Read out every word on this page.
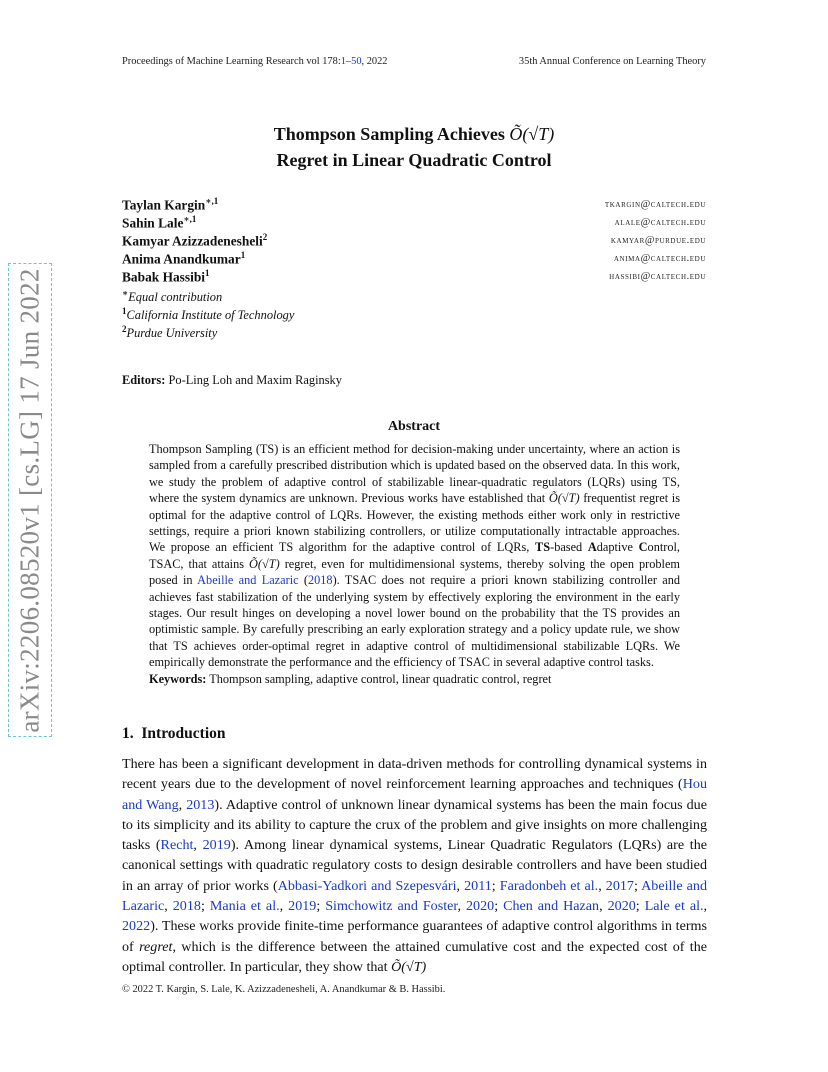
Proceedings of Machine Learning Research vol 178:1–50, 2022	35th Annual Conference on Learning Theory
arXiv:2206.08520v1 [cs.LG] 17 Jun 2022
Thompson Sampling Achieves Õ(√T)
Regret in Linear Quadratic Control
Taylan Kargin$^{∗,1}$	tkargin@caltech.edu
Sahin Lale$^{∗,1}$	alale@caltech.edu
Kamyar Azizzadenesheli$^2$	kamyar@purdue.edu
Anima Anandkumar$^1$	anima@caltech.edu
Babak Hassibi$^1$	hassibi@caltech.edu
∗Equal contribution
$^1$California Institute of Technology
$^2$Purdue University
Editors: Po-Ling Loh and Maxim Raginsky
Abstract

Thompson Sampling (TS) is an efficient method for decision-making under uncertainty, where an action is sampled from a carefully prescribed distribution which is updated based on the observed data. In this work, we study the problem of adaptive control of stabilizable linear-quadratic regulators (LQRs) using TS, where the system dynamics are unknown. Previous works have established that Õ(√T) frequentist regret is optimal for the adaptive control of LQRs. However, the existing methods either work only in restrictive settings, require a priori known stabilizing controllers, or utilize computationally intractable approaches. We propose an efficient TS algorithm for the adaptive control of LQRs, TS-based Adaptive Control, TSAC, that attains Õ(√T) regret, even for multidimensional systems, thereby solving the open problem posed in Abeille and Lazaric (2018). TSAC does not require a priori known stabilizing controller and achieves fast stabilization of the underlying system by effectively exploring the environment in the early stages. Our result hinges on developing a novel lower bound on the probability that the TS provides an optimistic sample. By carefully prescribing an early exploration strategy and a policy update rule, we show that TS achieves order-optimal regret in adaptive control of multidimensional stabilizable LQRs. We empirically demonstrate the performance and the efficiency of TSAC in several adaptive control tasks.

Keywords: Thompson sampling, adaptive control, linear quadratic control, regret

1. Introduction

There has been a significant development in data-driven methods for controlling dynamical systems in recent years due to the development of novel reinforcement learning approaches and techniques (Hou and Wang, 2013). Adaptive control of unknown linear dynamical systems has been the main focus due to its simplicity and its ability to capture the crux of the problem and give insights on more challenging tasks (Recht, 2019). Among linear dynamical systems, Linear Quadratic Regulators (LQRs) are the canonical settings with quadratic regulatory costs to design desirable controllers and have been studied in an array of prior works (Abbasi-Yadkori and Szepesvári, 2011; Faradonbeh et al., 2017; Abeille and Lazaric, 2018; Mania et al., 2019; Simchowitz and Foster, 2020; Chen and Hazan, 2020; Lale et al., 2022). These works provide finite-time performance guarantees of adaptive control algorithms in terms of regret, which is the difference between the attained cumulative cost and the expected cost of the optimal controller. In particular, they show that Õ(√T)

© 2022 T. Kargin, S. Lale, K. Azizzadenesheli, A. Anandkumar & B. Hassibi.
